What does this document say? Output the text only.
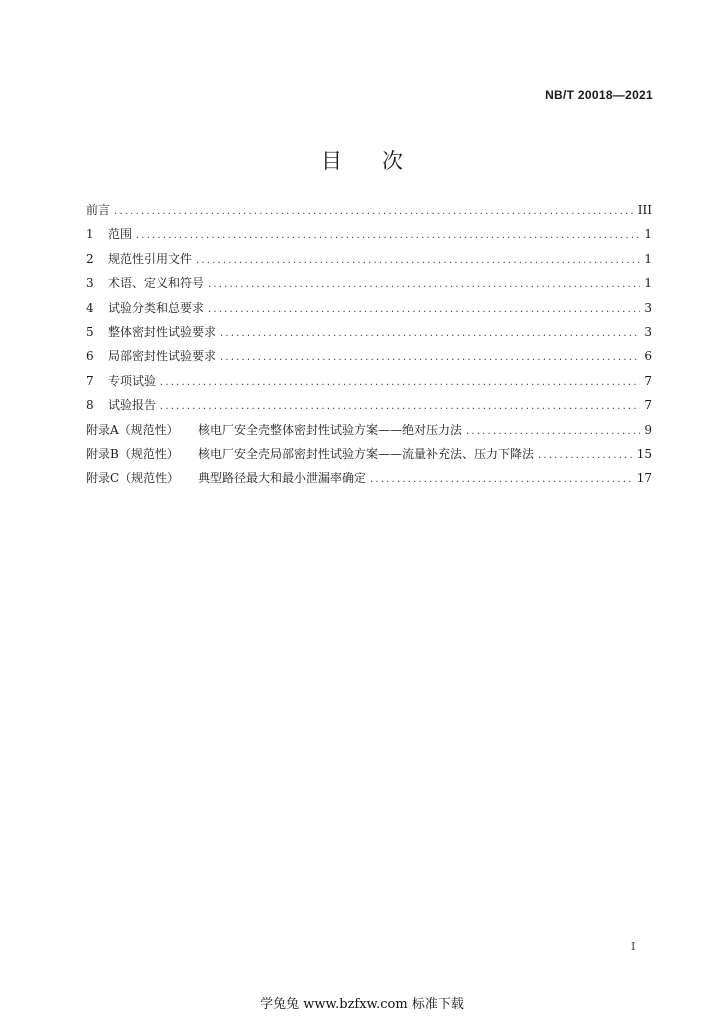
NB/T 20018—2021
目次
前言 .....	III
1	范围 .....	1
2	规范性引用文件 .....	1
3	术语、定义和符号 .....	1
4	试验分类和总要求 .....	3
5	整体密封性试验要求 .....	3
6	局部密封性试验要求 .....	6
7	专项试验 .....	7
8	试验报告 .....	7
附录A（规范性）	核电厂安全壳整体密封性试验方案——绝对压力法 .....	9
附录B（规范性）	核电厂安全壳局部密封性试验方案——流量补充法、压力下降法 .....	15
附录C（规范性）	典型路径最大和最小泄漏率确定 .....	17
I
学兔兔 www.bzfxw.com 标准下载
